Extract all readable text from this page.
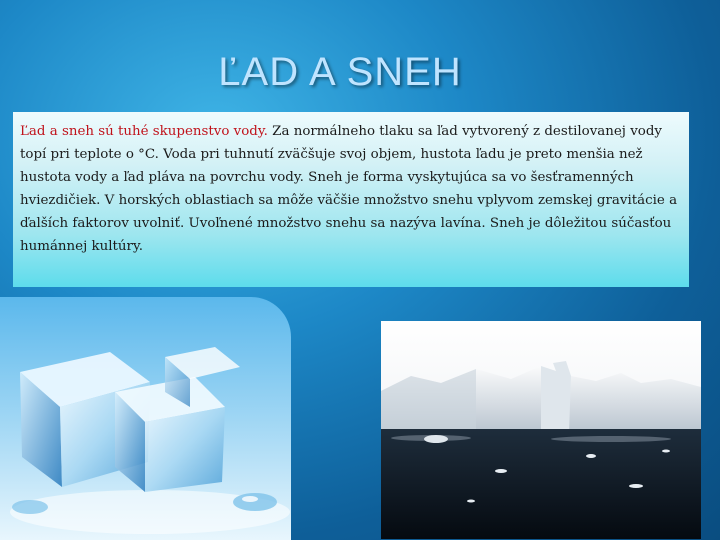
ĽAD A SNEH
Ľad a sneh sú tuhé skupenstvo vody. Za normálneho tlaku sa ľad vytvorený z destilovanej vody topí pri teplote o °C. Voda pri tuhnutí zväčšuje svoj objem, hustota ľadu je preto menšia než hustota vody a ľad pláva na povrchu vody. Sneh je forma vyskytujúca sa vo šesťramenných hviezdičiek. V horských oblastiach sa môže väčšie množstvo snehu vplyvom zemskej gravitácie a ďalších faktorov uvolniť. Uvoľnené množstvo snehu sa nazýva lavína. Sneh je dôležitou súčasťou humánnej kultúry.
